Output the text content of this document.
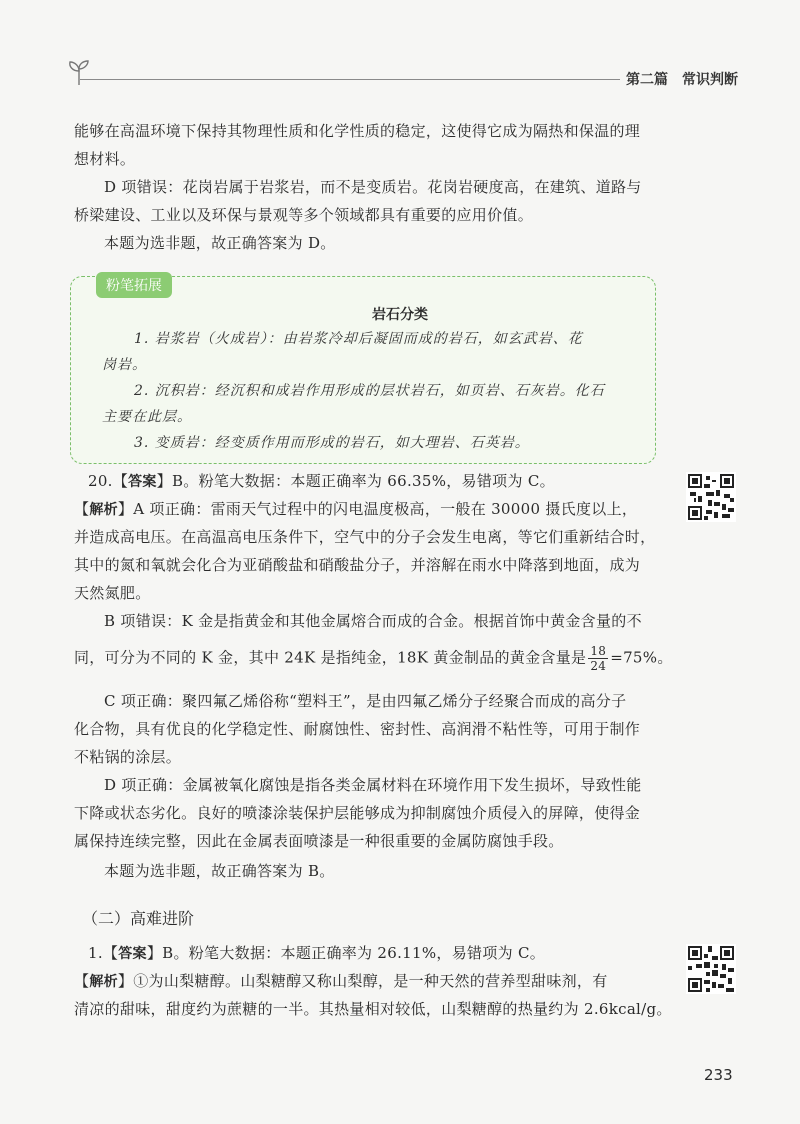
第二篇　常识判断
能够在高温环境下保持其物理性质和化学性质的稳定，这使得它成为隔热和保温的理
想材料。
D 项错误：花岗岩属于岩浆岩，而不是变质岩。花岗岩硬度高，在建筑、道路与
桥梁建设、工业以及环保与景观等多个领域都具有重要的应用价值。
本题为选非题，故正确答案为 D。
粉笔拓展
岩石分类
1. 岩浆岩（火成岩）：由岩浆冷却后凝固而成的岩石，如玄武岩、花
岗岩。
2. 沉积岩：经沉积和成岩作用形成的层状岩石，如页岩、石灰岩。化石
主要在此层。
3. 变质岩：经变质作用而形成的岩石，如大理岩、石英岩。
20.【答案】B。粉笔大数据：本题正确率为 66.35%，易错项为 C。
【解析】A 项正确：雷雨天气过程中的闪电温度极高，一般在 30000 摄氏度以上，
并造成高电压。在高温高电压条件下，空气中的分子会发生电离，等它们重新结合时，
其中的氮和氧就会化合为亚硝酸盐和硝酸盐分子，并溶解在雨水中降落到地面，成为
天然氮肥。
B 项错误：K 金是指黄金和其他金属熔合而成的合金。根据首饰中黄金含量的不
同，可分为不同的 K 金，其中 24K 是指纯金，18K 黄金制品的黄金含量是 $\frac{18}{24} =75\%$。
C 项正确：聚四氟乙烯俗称“塑料王”，是由四氟乙烯分子经聚合而成的高分子
化合物，具有优良的化学稳定性、耐腐蚀性、密封性、高润滑不粘性等，可用于制作
不粘锅的涂层。
D 项正确：金属被氧化腐蚀是指各类金属材料在环境作用下发生损坏，导致性能
下降或状态劣化。良好的喷漆涂装保护层能够成为抑制腐蚀介质侵入的屏障，使得金
属保持连续完整，因此在金属表面喷漆是一种很重要的金属防腐蚀手段。
本题为选非题，故正确答案为 B。
（二）高难进阶
1.【答案】B。粉笔大数据：本题正确率为 26.11%，易错项为 C。
【解析】①为山梨糖醇。山梨糖醇又称山梨醇，是一种天然的营养型甜味剂，有
清凉的甜味，甜度约为蔗糖的一半。其热量相对较低，山梨糖醇的热量约为 2.6kcal/g。
233
